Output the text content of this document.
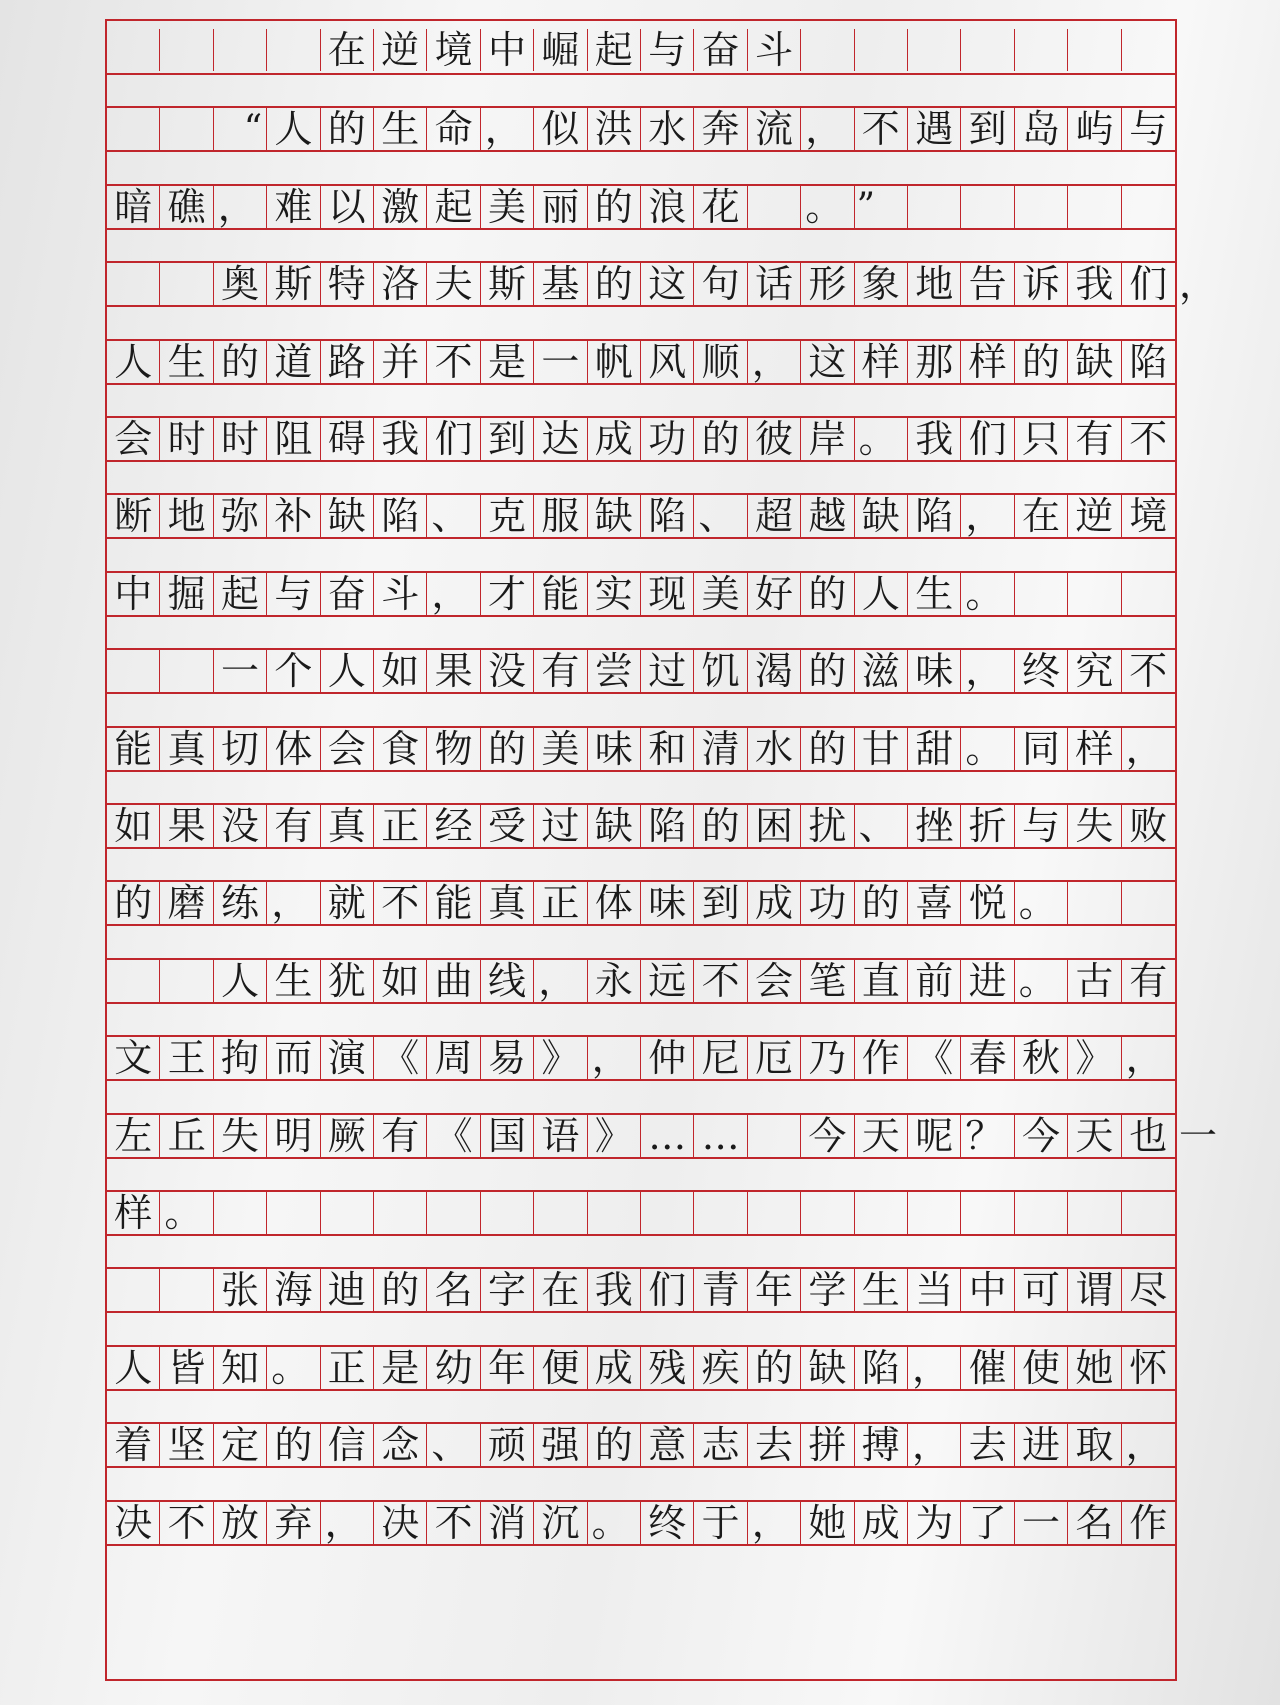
在 逆 境 中 崛 起 与 奋 斗
“ 人 的 生 命 ， 似 洪 水 奔 流 ， 不 遇 到 岛 屿 与
暗 礁 ， 难 以 激 起 美 丽 的 浪 花 。 ”
奥 斯 特 洛 夫 斯 基 的 这 句 话 形 象 地 告 诉 我 们 ，
人 生 的 道 路 并 不 是 一 帆 风 顺 ， 这 样 那 样 的 缺 陷
会 时 时 阻 碍 我 们 到 达 成 功 的 彼 岸 。 我 们 只 有 不
断 地 弥 补 缺 陷 、 克 服 缺 陷 、 超 越 缺 陷 ， 在 逆 境
中 掘 起 与 奋 斗 ， 才 能 实 现 美 好 的 人 生 。
一 个 人 如 果 没 有 尝 过 饥 渴 的 滋 味 ， 终 究 不
能 真 切 体 会 食 物 的 美 味 和 清 水 的 甘 甜 。 同 样 ，
如 果 没 有 真 正 经 受 过 缺 陷 的 困 扰 、 挫 折 与 失 败
的 磨 练 ， 就 不 能 真 正 体 味 到 成 功 的 喜 悦 。
人 生 犹 如 曲 线 ， 永 远 不 会 笔 直 前 进 。 古 有
文 王 拘 而 演 《 周 易 》 ， 仲 尼 厄 乃 作 《 春 秋 》 ，
左 丘 失 明 厥 有 《 国 语 》 … … 今 天 呢 ？ 今 天 也 一
样 。
张 海 迪 的 名 字 在 我 们 青 年 学 生 当 中 可 谓 尽
人 皆 知 。 正 是 幼 年 便 成 残 疾 的 缺 陷 ， 催 使 她 怀
着 坚 定 的 信 念 、 顽 强 的 意 志 去 拼 搏 ， 去 进 取 ，
决 不 放 弃 ， 决 不 消 沉 。 终 于 ， 她 成 为 了 一 名 作
